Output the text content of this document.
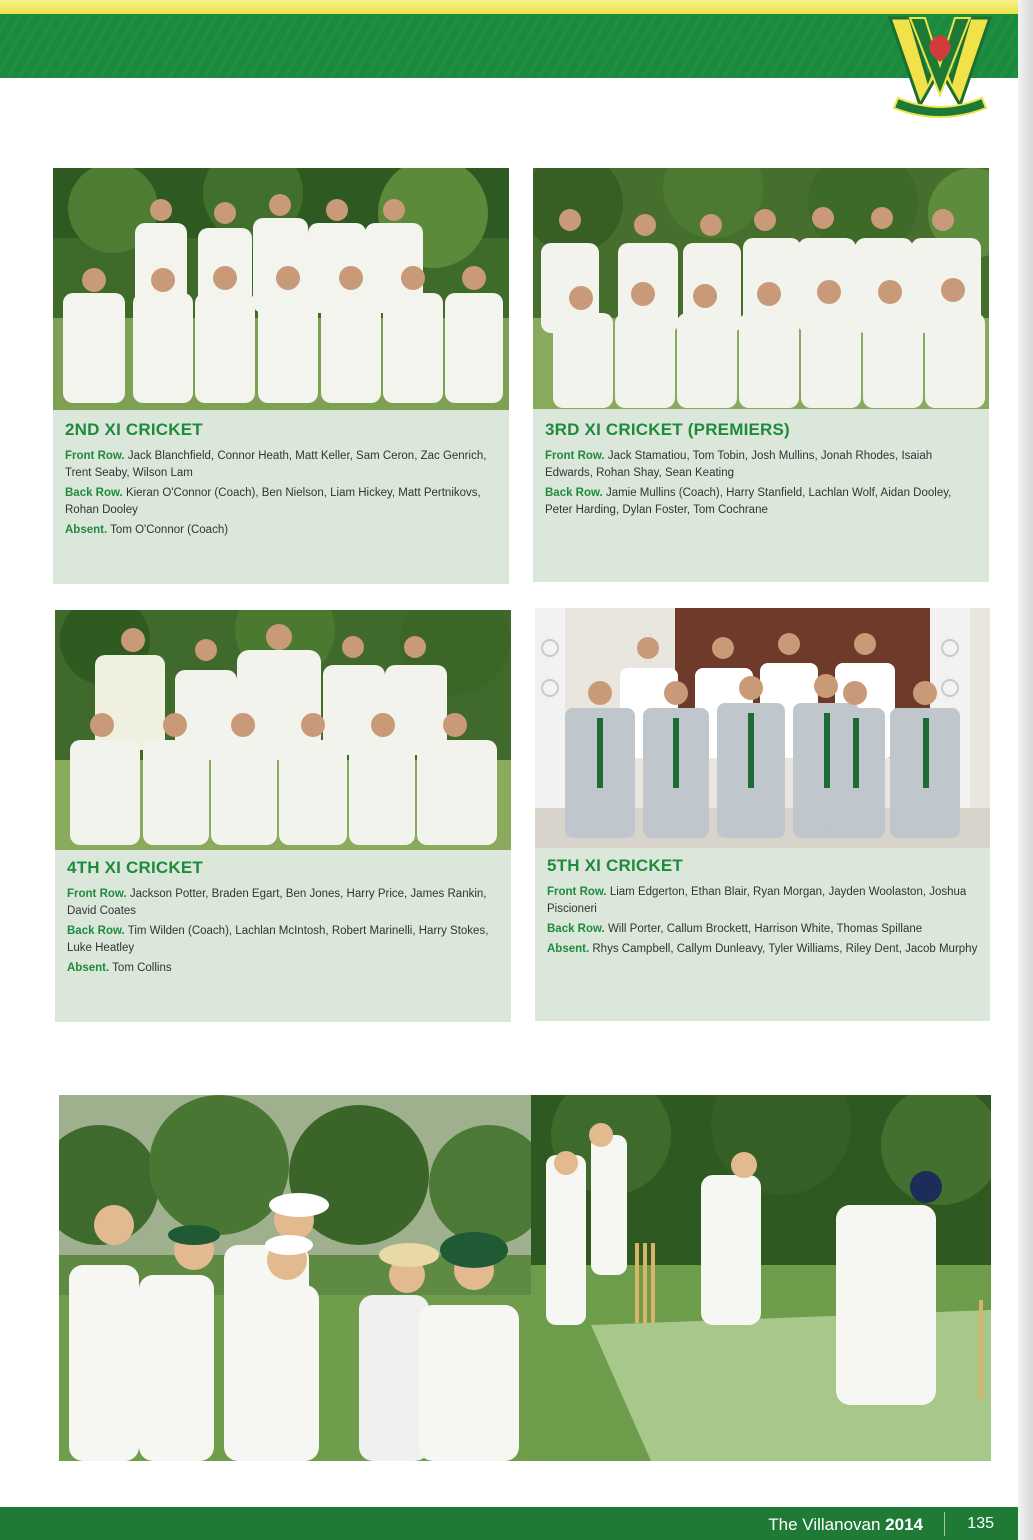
2ND XI CRICKET

Front Row. Jack Blanchfield, Connor Heath, Matt Keller, Sam Ceron, Zac Genrich, Trent Seaby, Wilson Lam

Back Row. Kieran O'Connor (Coach), Ben Nielson, Liam Hickey, Matt Pertnikovs, Rohan Dooley

Absent. Tom O'Connor (Coach)

3RD XI CRICKET (PREMIERS)

Front Row. Jack Stamatiou, Tom Tobin, Josh Mullins, Jonah Rhodes, Isaiah Edwards, Rohan Shay, Sean Keating

Back Row. Jamie Mullins (Coach), Harry Stanfield, Lachlan Wolf, Aidan Dooley, Peter Harding, Dylan Foster, Tom Cochrane

4TH XI CRICKET

Front Row. Jackson Potter, Braden Egart, Ben Jones, Harry Price, James Rankin, David Coates

Back Row. Tim Wilden (Coach), Lachlan McIntosh, Robert Marinelli, Harry Stokes, Luke Heatley

Absent. Tom Collins

5TH XI CRICKET

Front Row. Liam Edgerton, Ethan Blair, Ryan Morgan, Jayden Woolaston, Joshua Piscioneri

Back Row. Will Porter, Callum Brockett, Harrison White, Thomas Spillane

Absent. Rhys Campbell, Callym Dunleavy, Tyler Williams, Riley Dent, Jacob Murphy

The Villanovan 2014	135
